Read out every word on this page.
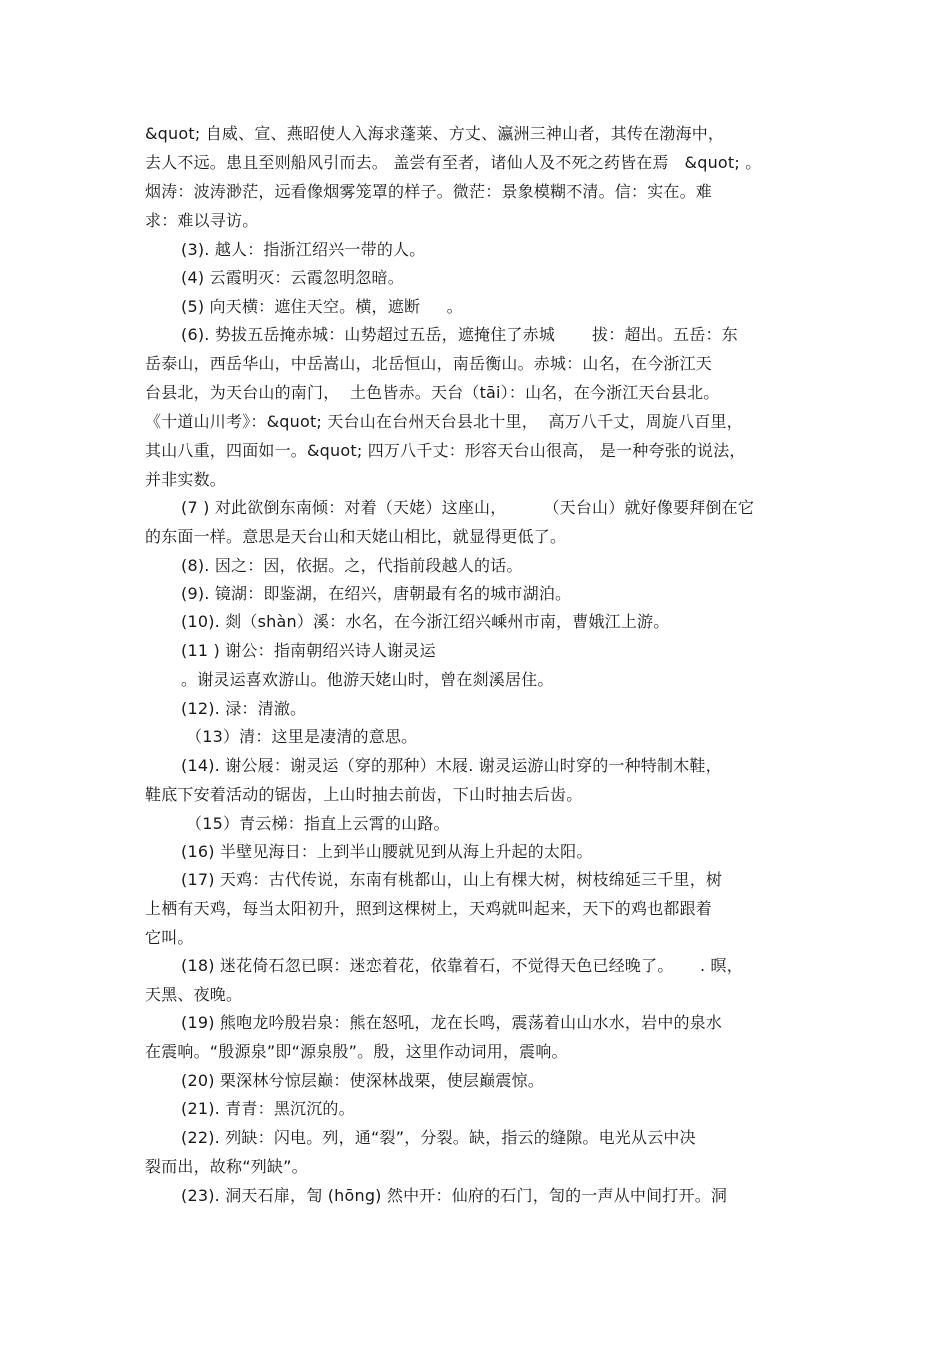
&quot; 自威、宣、燕昭使人入海求蓬莱、方丈、瀛洲三神山者，其传在渤海中，
去人不远。患且至则船风引而去。 盖尝有至者，诸仙人及不死之药皆在焉   &quot; 。
烟涛：波涛渺茫，远看像烟雾笼罩的样子。微茫：景象模糊不清。信：实在。难
求：难以寻访。
(3). 越人：指浙江绍兴一带的人。
(4) 云霞明灭：云霞忽明忽暗。
(5) 向天横：遮住天空。横，遮断     。
(6). 势拔五岳掩赤城：山势超过五岳，遮掩住了赤城       拔：超出。五岳：东
岳泰山，西岳华山，中岳嵩山，北岳恒山，南岳衡山。赤城：山名，在今浙江天
台县北，为天台山的南门，  土色皆赤。天台（tāi）：山名，在今浙江天台县北。
《十道山川考》：&quot; 天台山在台州天台县北十里，  高万八千丈，周旋八百里，
其山八重，四面如一。&quot; 四万八千丈：形容天台山很高， 是一种夸张的说法，
并非实数。
(7 ) 对此欲倒东南倾：对着（天姥）这座山，       （天台山）就好像要拜倒在它
的东面一样。意思是天台山和天姥山相比，就显得更低了。
(8). 因之：因，依据。之，代指前段越人的话。
(9). 镜湖：即鉴湖，在绍兴，唐朝最有名的城市湖泊。
(10). 剡（shàn）溪：水名，在今浙江绍兴嵊州市南，曹娥江上游。
(11 ) 谢公：指南朝绍兴诗人谢灵运
。谢灵运喜欢游山。他游天姥山时，曾在剡溪居住。
(12). 渌：清澈。
（13）清：这里是凄清的意思。
(14). 谢公屐：谢灵运（穿的那种）木屐. 谢灵运游山时穿的一种特制木鞋，
鞋底下安着活动的锯齿，上山时抽去前齿，下山时抽去后齿。
（15）青云梯：指直上云霄的山路。
(16) 半壁见海日：上到半山腰就见到从海上升起的太阳。
(17) 天鸡：古代传说，东南有桃都山，山上有棵大树，树枝绵延三千里，树
上栖有天鸡，每当太阳初升，照到这棵树上，天鸡就叫起来，天下的鸡也都跟着
它叫。
(18) 迷花倚石忽已暝：迷恋着花，依靠着石，不觉得天色已经晚了。     . 暝，
天黑、夜晚。
(19) 熊咆龙吟殷岩泉：熊在怒吼，龙在长鸣，震荡着山山水水，岩中的泉水
在震响。“殷源泉”即“源泉殷”。殷，这里作动词用，震响。
(20) 栗深林兮惊层巅：使深林战栗，使层巅震惊。
(21). 青青：黑沉沉的。
(22). 列缺：闪电。列，通“裂”，分裂。缺，指云的缝隙。电光从云中决
裂而出，故称“列缺”。
(23). 洞天石扉，訇 (hōng) 然中开：仙府的石门，訇的一声从中间打开。洞
